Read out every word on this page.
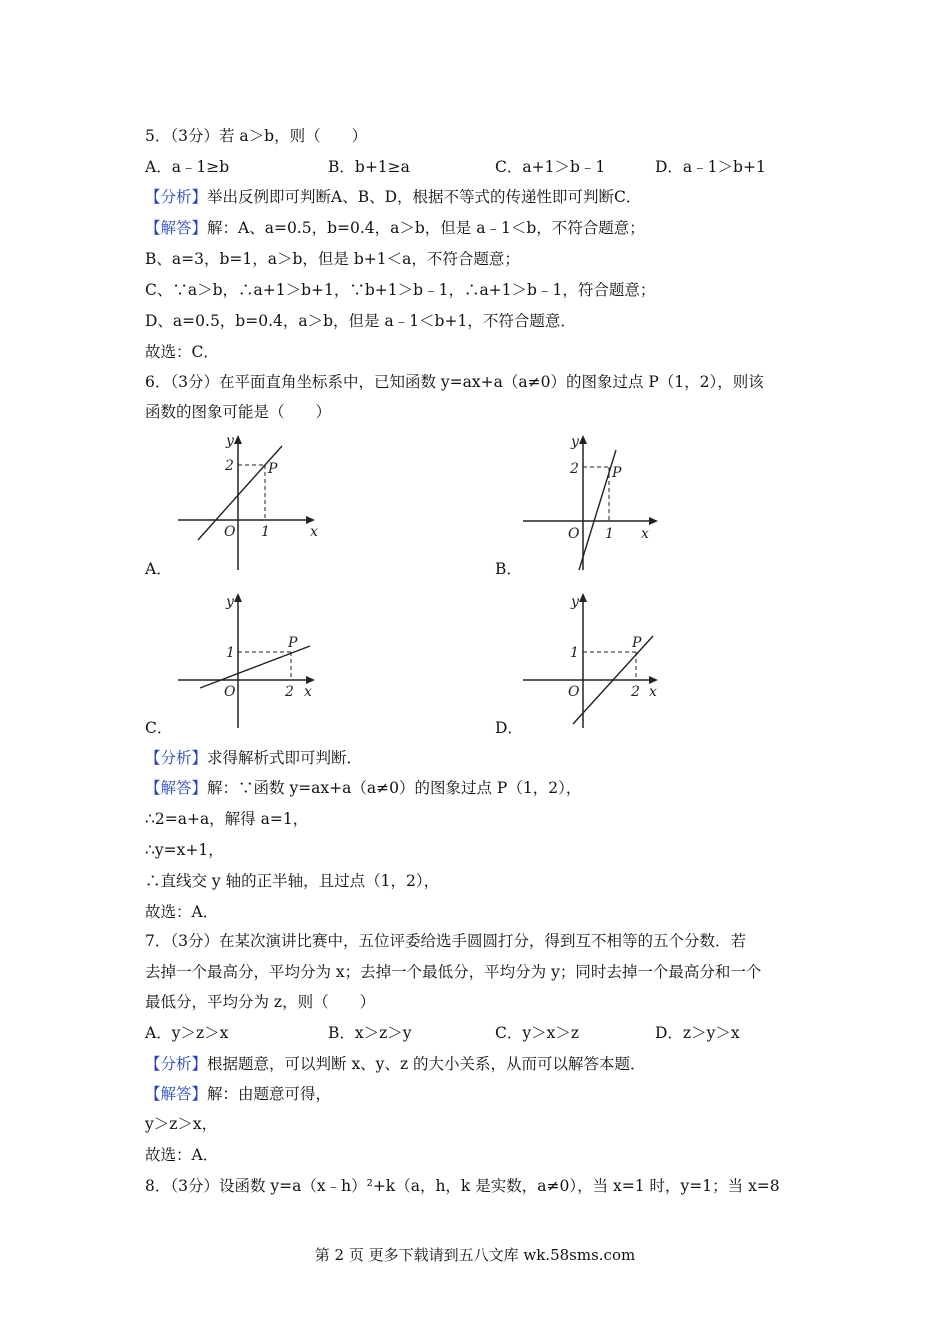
5．（3分）若 a＞b，则（　　）
A．a﹣1≥b	B．b+1≥a	C．a+1＞b﹣1	D．a﹣1＞b+1
【分析】举出反例即可判断A、B、D，根据不等式的传递性即可判断C．
【解答】解：A、a=0.5，b=0.4，a＞b，但是 a﹣1＜b，不符合题意；
B、a=3，b=1，a＞b，但是 b+1＜a，不符合题意；
C、∵a＞b，∴a+1＞b+1，∵b+1＞b﹣1，∴a+1＞b﹣1，符合题意；
D、a=0.5，b=0.4，a＞b，但是 a﹣1＜b+1，不符合题意．
故选：C．
6．（3分）在平面直角坐标系中，已知函数 y=ax+a（a≠0）的图象过点 P（1，2），则该
函数的图象可能是（　　）
y
x
O
P
2
1
A．
y
x
O
P
2
1
B．
y
x
O
P
1
2
C．
y
x
O
P
1
2
D．
【分析】求得解析式即可判断．
【解答】解：∵函数 y=ax+a（a≠0）的图象过点 P（1，2），
∴2=a+a，解得 a=1，
∴y=x+1，
∴直线交 y 轴的正半轴，且过点（1，2），
故选：A．
7．（3分）在某次演讲比赛中，五位评委给选手圆圆打分，得到互不相等的五个分数．若
去掉一个最高分，平均分为 x；去掉一个最低分，平均分为 y；同时去掉一个最高分和一个
最低分，平均分为 z，则（　　）
A．y＞z＞x	B．x＞z＞y	C．y＞x＞z	D．z＞y＞x
【分析】根据题意，可以判断 x、y、z 的大小关系，从而可以解答本题．
【解答】解：由题意可得，
y＞z＞x，
故选：A．
8．（3分）设函数 y=a（x﹣h）²+k（a，h，k 是实数，a≠0），当 x=1 时，y=1；当 x=8
第 2 页 更多下载请到五八文库 wk.58sms.com
